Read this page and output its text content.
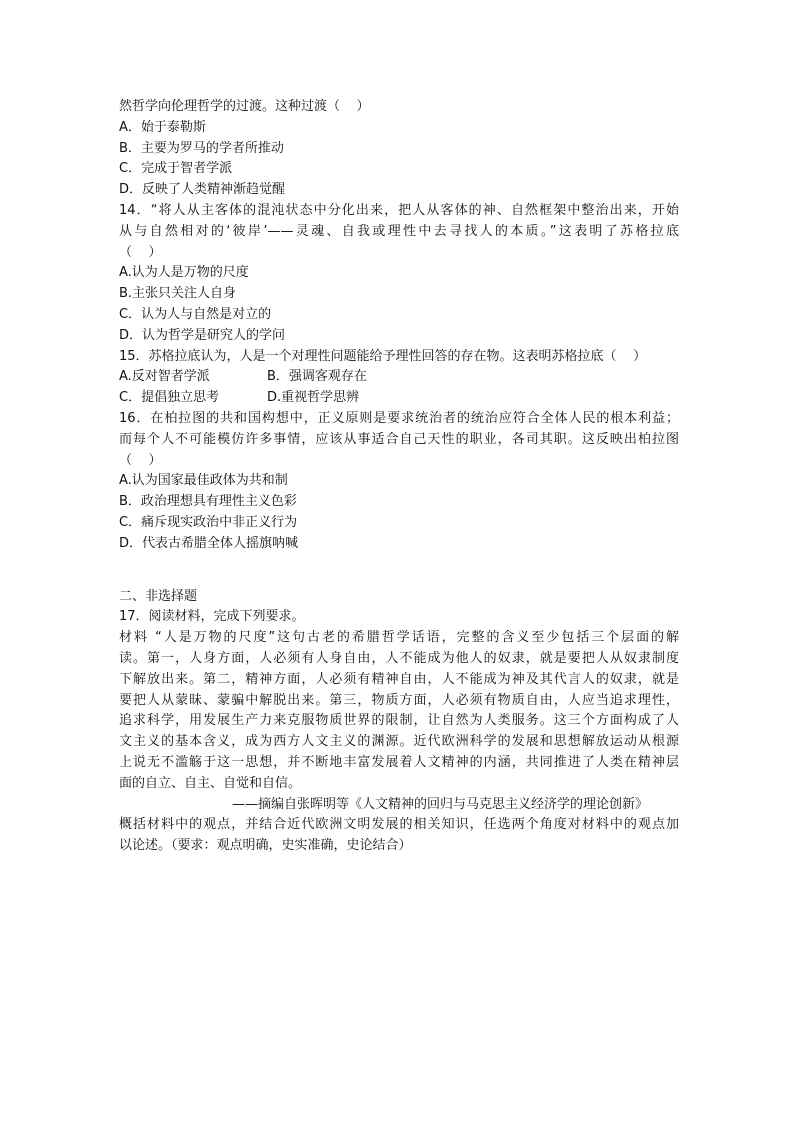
然哲学向伦理哲学的过渡。这种过渡（    ）
A．始于泰勒斯
B．主要为罗马的学者所推动
C．完成于智者学派
D．反映了人类精神渐趋觉醒
14．“将人从主客体的混沌状态中分化出来，把人从客体的神、自然框架中整治出来，开始
从与自然相对的‘彼岸’——灵魂、自我或理性中去寻找人的本质。”这表明了苏格拉底
（    ）
A.认为人是万物的尺度
B.主张只关注人自身
C．认为人与自然是对立的
D．认为哲学是研究人的学问
15．苏格拉底认为，人是一个对理性问题能给予理性回答的存在物。这表明苏格拉底（    ）
A.反对智者学派	B．强调客观存在
C．提倡独立思考	D.重视哲学思辨
16．在柏拉图的共和国构想中，正义原则是要求统治者的统治应符合全体人民的根本利益；
而每个人不可能模仿许多事情，应该从事适合自己天性的职业，各司其职。这反映出柏拉图
（    ）
A.认为国家最佳政体为共和制
B．政治理想具有理性主义色彩
C．痛斥现实政治中非正义行为
D．代表古希腊全体人摇旗呐喊
二、非选择题
17．阅读材料，完成下列要求。
材料 “人是万物的尺度”这句古老的希腊哲学话语，完整的含义至少包括三个层面的解
读。第一，人身方面，人必须有人身自由，人不能成为他人的奴隶，就是要把人从奴隶制度
下解放出来。第二，精神方面，人必须有精神自由，人不能成为神及其代言人的奴隶，就是
要把人从蒙昧、蒙骗中解脱出来。第三，物质方面，人必须有物质自由，人应当追求理性，
追求科学，用发展生产力来克服物质世界的限制，让自然为人类服务。这三个方面构成了人
文主义的基本含义，成为西方人文主义的渊源。近代欧洲科学的发展和思想解放运动从根源
上说无不滥觞于这一思想，并不断地丰富发展着人文精神的内涵，共同推进了人类在精神层
面的自立、自主、自觉和自信。
——摘编自张晖明等《人文精神的回归与马克思主义经济学的理论创新》
概括材料中的观点，并结合近代欧洲文明发展的相关知识，任选两个角度对材料中的观点加
以论述。（要求：观点明确，史实准确，史论结合）
